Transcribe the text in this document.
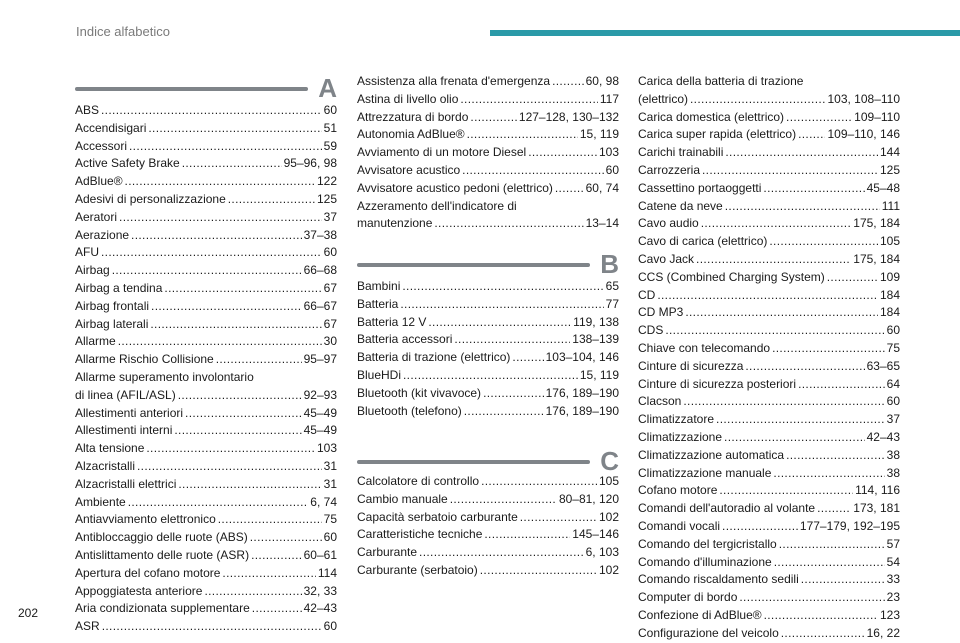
Indice alfabetico
A
ABS . . .	60
Accendisigari . . .	51
Accessori . . .	59
Active Safety Brake . . .	95–96, 98
AdBlue® . . .	122
Adesivi di personalizzazione . . .	125
Aeratori . . .	37
Aerazione . . .	37–38
AFU . . .	60
Airbag . . .	66–68
Airbag a tendina . . .	67
Airbag frontali . . .	66–67
Airbag laterali . . .	67
Allarme . . .	30
Allarme Rischio Collisione . . .	95–97
Allarme superamento involontario
di linea (AFIL/ASL) . . .	92–93
Allestimenti anteriori . . .	45–49
Allestimenti interni . . .	45–49
Alta tensione . . .	103
Alzacristalli . . .	31
Alzacristalli elettrici . . .	31
Ambiente . . .	6, 74
Antiavviamento elettronico . . .	75
Antibloccaggio delle ruote (ABS) . . .	60
Antislittamento delle ruote (ASR) . . .	60–61
Apertura del cofano motore . . .	114
Appoggiatesta anteriore . . .	32, 33
Aria condizionata supplementare . . .	42–43
ASR . . .	60
Assistenza alla frenata d'emergenza . . .	60, 98
Astina di livello olio . . .	117
Attrezzatura di bordo . . .	127–128, 130–132
Autonomia AdBlue® . . .	15, 119
Avviamento di un motore Diesel . . .	103
Avvisatore acustico . . .	60
Avvisatore acustico pedoni (elettrico) . . .	60, 74
Azzeramento dell'indicatore di
manutenzione . . .	13–14
B
Bambini . . .	65
Batteria . . .	77
Batteria 12 V . . .	119, 138
Batteria accessori . . .	138–139
Batteria di trazione (elettrico) . . .	103–104, 146
BlueHDi . . .	15, 119
Bluetooth (kit vivavoce) . . .	176, 189–190
Bluetooth (telefono) . . .	176, 189–190
C
Calcolatore di controllo . . .	105
Cambio manuale . . .	80–81, 120
Capacità serbatoio carburante . . .	102
Caratteristiche tecniche . . .	145–146
Carburante . . .	6, 103
Carburante (serbatoio) . . .	102
Carica della batteria di trazione
(elettrico) . . .	103, 108–110
Carica domestica (elettrico) . . .	109–110
Carica super rapida (elettrico) . . .	109–110, 146
Carichi trainabili . . .	144
Carrozzeria . . .	125
Cassettino portaoggetti . . .	45–48
Catene da neve . . .	111
Cavo audio . . .	175, 184
Cavo di carica (elettrico) . . .	105
Cavo Jack . . .	175, 184
CCS (Combined Charging System) . . .	109
CD . . .	184
CD MP3 . . .	184
CDS . . .	60
Chiave con telecomando . . .	75
Cinture di sicurezza . . .	63–65
Cinture di sicurezza posteriori . . .	64
Clacson . . .	60
Climatizzatore . . .	37
Climatizzazione . . .	42–43
Climatizzazione automatica . . .	38
Climatizzazione manuale . . .	38
Cofano motore . . .	114, 116
Comandi dell'autoradio al volante . . .	173, 181
Comandi vocali . . .	177–179, 192–195
Comando del tergicristallo . . .	57
Comando d'illuminazione . . .	54
Comando riscaldamento sedili . . .	33
Computer di bordo . . .	23
Confezione di AdBlue® . . .	123
Configurazione del veicolo . . .	16, 22
202
